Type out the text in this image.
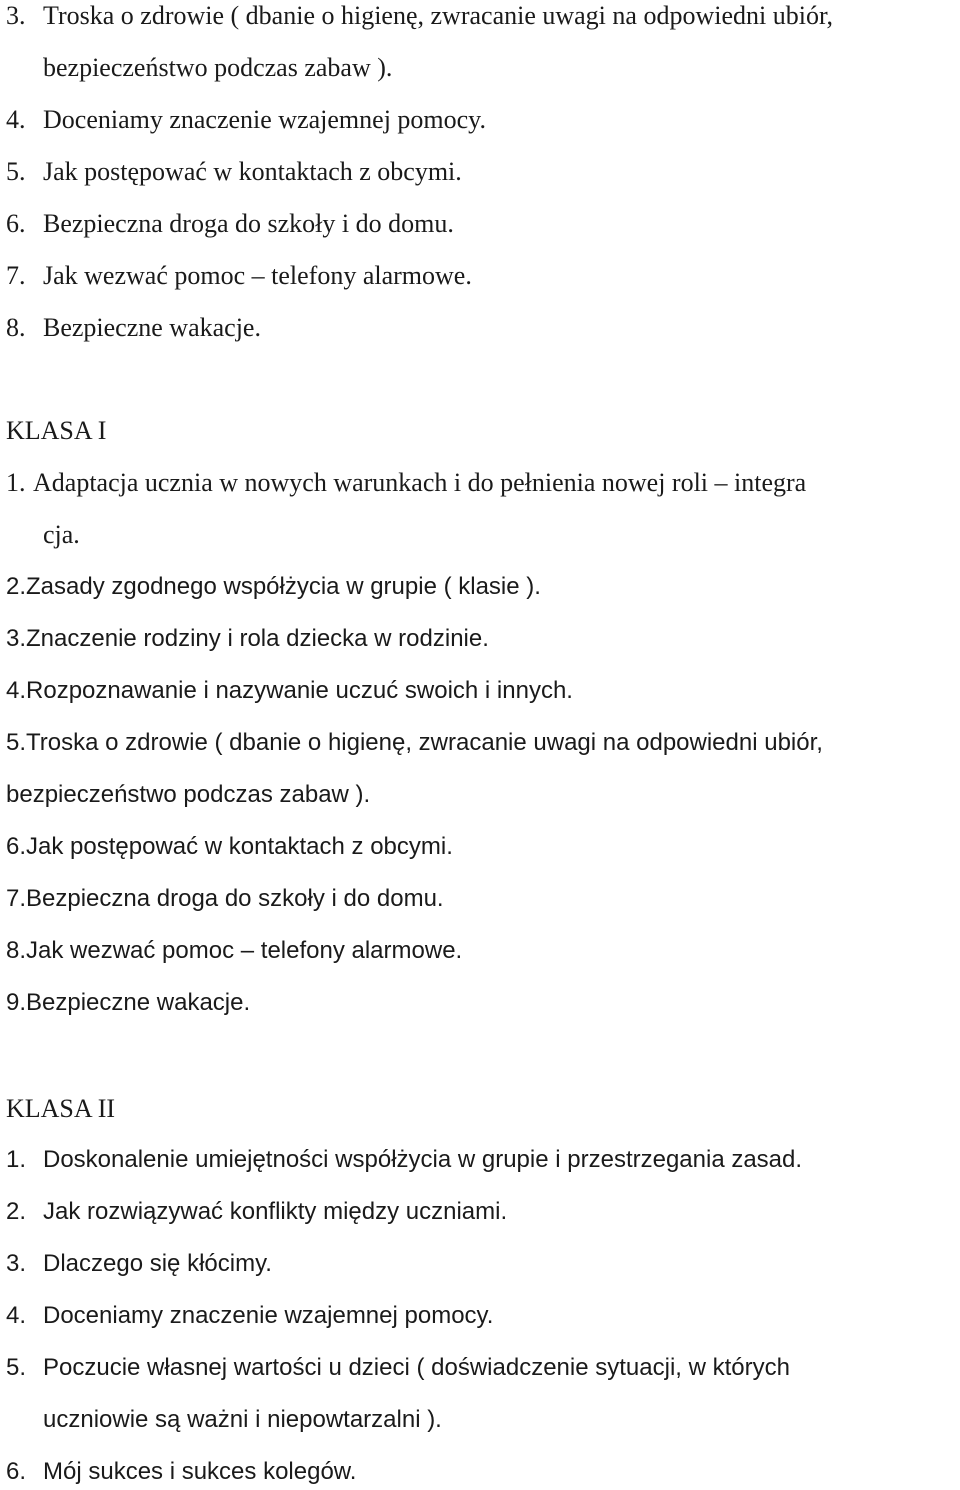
3. Troska o zdrowie ( dbanie o higienę, zwracanie uwagi na odpowiedni ubiór,
bezpieczeństwo podczas zabaw ).
4. Doceniamy znaczenie wzajemnej pomocy.
5. Jak postępować w kontaktach z obcymi.
6. Bezpieczna droga do szkoły i do domu.
7. Jak wezwać pomoc – telefony alarmowe.
8. Bezpieczne wakacje.
KLASA I
1. Adaptacja ucznia w nowych warunkach i do pełnienia nowej roli – integra
cja.
2.Zasady zgodnego współżycia w grupie ( klasie ).
3.Znaczenie rodziny i rola dziecka w rodzinie.
4.Rozpoznawanie i nazywanie uczuć swoich i innych.
5.Troska o zdrowie ( dbanie o higienę, zwracanie uwagi na odpowiedni ubiór,
bezpieczeństwo podczas zabaw ).
6.Jak postępować w kontaktach z obcymi.
7.Bezpieczna droga do szkoły i do domu.
8.Jak wezwać pomoc – telefony alarmowe.
9.Bezpieczne wakacje.
KLASA II
1. Doskonalenie umiejętności współżycia w grupie i przestrzegania zasad.
2. Jak rozwiązywać konflikty między uczniami.
3. Dlaczego się kłócimy.
4. Doceniamy znaczenie wzajemnej pomocy.
5. Poczucie własnej wartości u dzieci ( doświadczenie sytuacji, w których
uczniowie są ważni i niepowtarzalni ).
6. Mój sukces i sukces kolegów.
